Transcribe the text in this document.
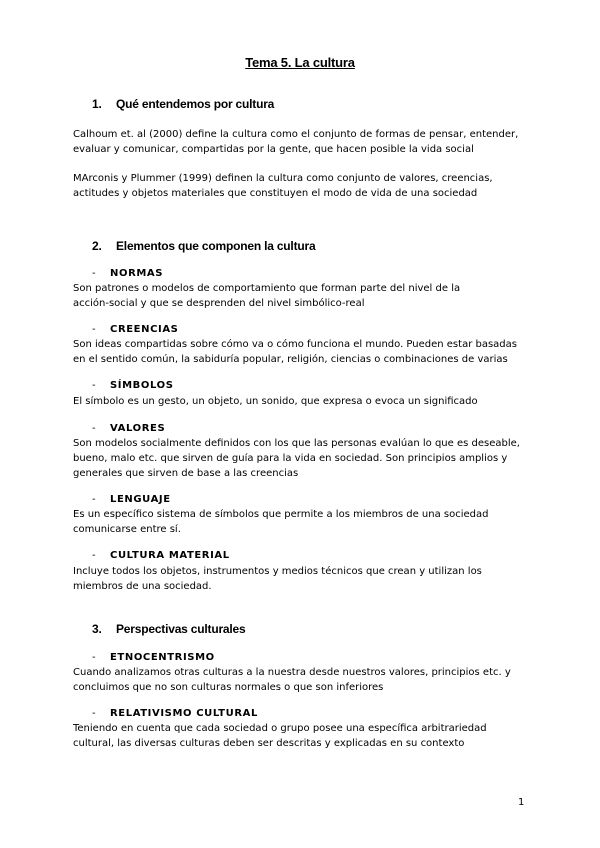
Tema 5. La cultura
1. Qué entendemos por cultura
Calhoum et. al (2000) define la cultura como el conjunto de formas de pensar, entender,
evaluar y comunicar, compartidas por la gente, que hacen posible la vida social
MArconis y Plummer (1999) definen la cultura como conjunto de valores, creencias,
actitudes y objetos materiales que constituyen el modo de vida de una sociedad
2. Elementos que componen la cultura
- NORMAS
Son patrones o modelos de comportamiento que forman parte del nivel de la
acción-social y que se desprenden del nivel simbólico-real
- CREENCIAS
Son ideas compartidas sobre cómo va o cómo funciona el mundo. Pueden estar basadas
en el sentido común, la sabiduría popular, religión, ciencias o combinaciones de varias
- SÍMBOLOS
El símbolo es un gesto, un objeto, un sonido, que expresa o evoca un significado
- VALORES
Son modelos socialmente definidos con los que las personas evalúan lo que es deseable,
bueno, malo etc. que sirven de guía para la vida en sociedad. Son principios amplios y
generales que sirven de base a las creencias
- LENGUAJE
Es un específico sistema de símbolos que permite a los miembros de una sociedad
comunicarse entre sí.
- CULTURA MATERIAL
Incluye todos los objetos, instrumentos y medios técnicos que crean y utilizan los
miembros de una sociedad.
3. Perspectivas culturales
- ETNOCENTRISMO
Cuando analizamos otras culturas a la nuestra desde nuestros valores, principios etc. y
concluimos que no son culturas normales o que son inferiores
- RELATIVISMO CULTURAL
Teniendo en cuenta que cada sociedad o grupo posee una específica arbitrariedad
cultural, las diversas culturas deben ser descritas y explicadas en su contexto
1
